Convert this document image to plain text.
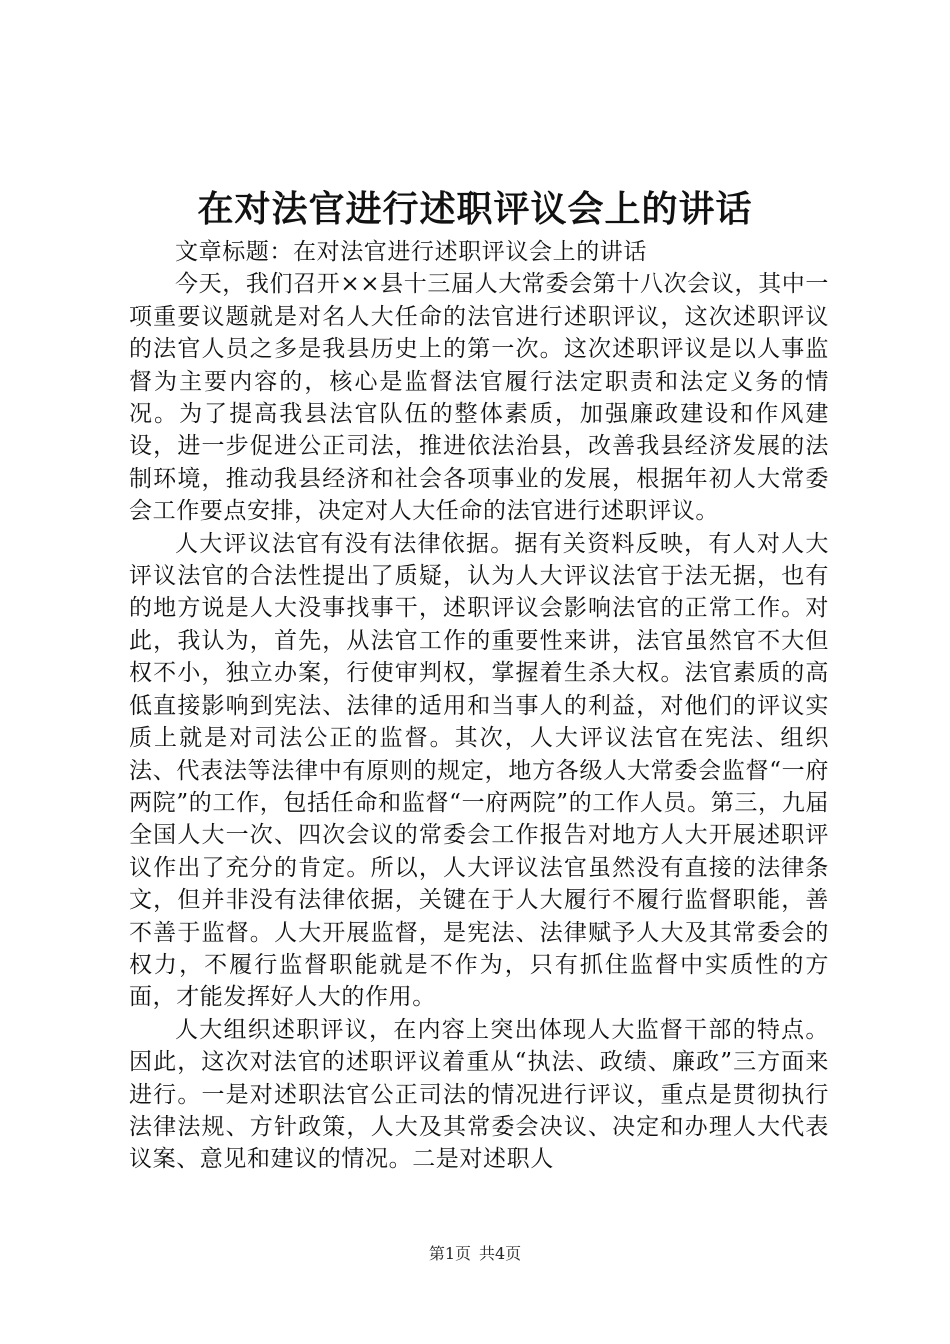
在对法官进行述职评议会上的讲话

文章标题：在对法官进行述职评议会上的讲话

今天，我们召开××县十三届人大常委会第十八次会议，其中一项重要议题就是对名人大任命的法官进行述职评议，这次述职评议的法官人员之多是我县历史上的第一次。这次述职评议是以人事监督为主要内容的，核心是监督法官履行法定职责和法定义务的情况。为了提高我县法官队伍的整体素质，加强廉政建设和作风建设，进一步促进公正司法，推进依法治县，改善我县经济发展的法制环境，推动我县经济和社会各项事业的发展，根据年初人大常委会工作要点安排，决定对人大任命的法官进行述职评议。

人大评议法官有没有法律依据。据有关资料反映，有人对人大评议法官的合法性提出了质疑，认为人大评议法官于法无据，也有的地方说是人大没事找事干，述职评议会影响法官的正常工作。对此，我认为，首先，从法官工作的重要性来讲，法官虽然官不大但权不小，独立办案，行使审判权，掌握着生杀大权。法官素质的高低直接影响到宪法、法律的适用和当事人的利益，对他们的评议实质上就是对司法公正的监督。其次，人大评议法官在宪法、组织法、代表法等法律中有原则的规定，地方各级人大常委会监督“一府两院”的工作，包括任命和监督“一府两院”的工作人员。第三，九届全国人大一次、四次会议的常委会工作报告对地方人大开展述职评议作出了充分的肯定。所以，人大评议法官虽然没有直接的法律条文，但并非没有法律依据，关键在于人大履行不履行监督职能，善不善于监督。人大开展监督，是宪法、法律赋予人大及其常委会的权力，不履行监督职能就是不作为，只有抓住监督中实质性的方面，才能发挥好人大的作用。

人大组织述职评议，在内容上突出体现人大监督干部的特点。因此，这次对法官的述职评议着重从“执法、政绩、廉政”三方面来进行。一是对述职法官公正司法的情况进行评议，重点是贯彻执行法律法规、方针政策，人大及其常委会决议、决定和办理人大代表议案、意见和建议的情况。二是对述职人

第1页 共4页
